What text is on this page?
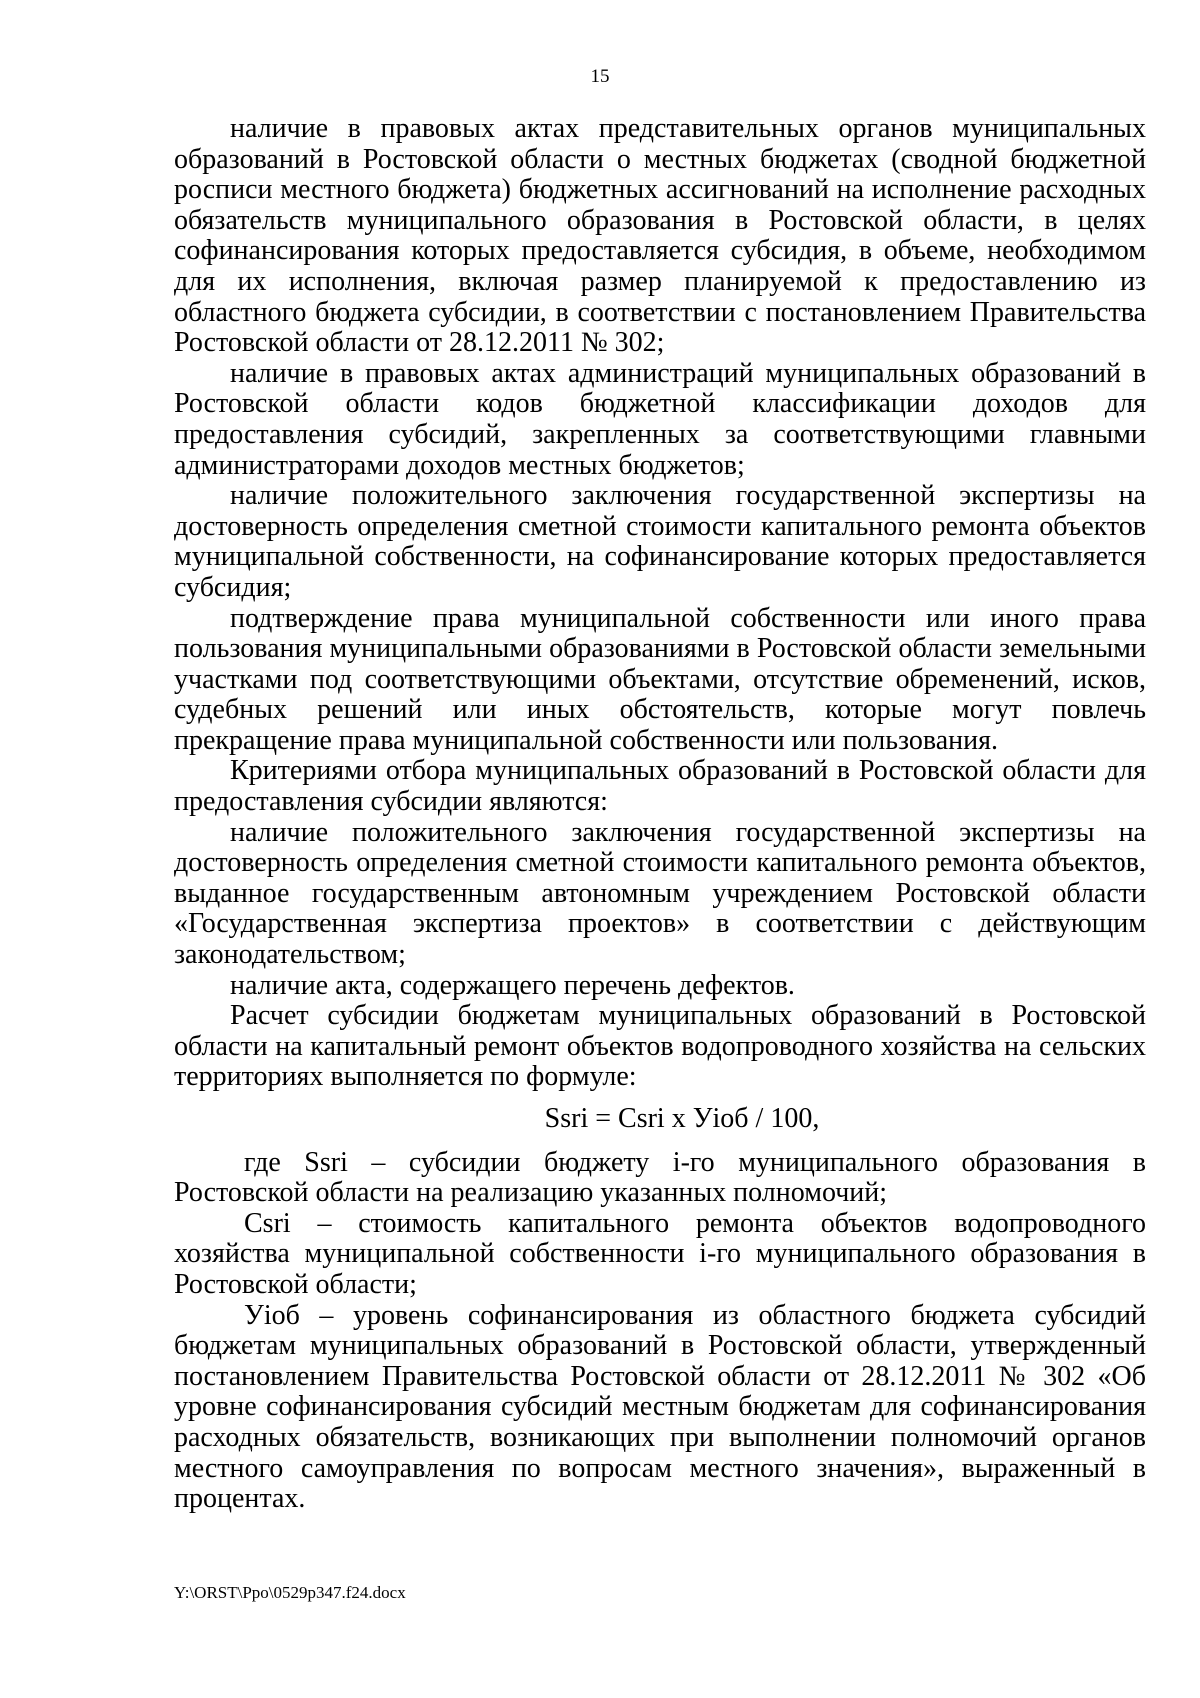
15

наличие в правовых актах представительных органов муниципальных образований в Ростовской области о местных бюджетах (сводной бюджетной росписи местного бюджета) бюджетных ассигнований на исполнение расходных обязательств муниципального образования в Ростовской области, в целях софинансирования которых предоставляется субсидия, в объеме, необходимом для их исполнения, включая размер планируемой к предоставлению из областного бюджета субсидии, в соответствии с постановлением Правительства Ростовской области от 28.12.2011 № 302;

наличие в правовых актах администраций муниципальных образований в Ростовской области кодов бюджетной классификации доходов для предоставления субсидий, закрепленных за соответствующими главными администраторами доходов местных бюджетов;

наличие положительного заключения государственной экспертизы на достоверность определения сметной стоимости капитального ремонта объектов муниципальной собственности, на софинансирование которых предоставляется субсидия;

подтверждение права муниципальной собственности или иного права пользования муниципальными образованиями в Ростовской области земельными участками под соответствующими объектами, отсутствие обременений, исков, судебных решений или иных обстоятельств, которые могут повлечь прекращение права муниципальной собственности или пользования.

Критериями отбора муниципальных образований в Ростовской области для предоставления субсидии являются:

наличие положительного заключения государственной экспертизы на достоверность определения сметной стоимости капитального ремонта объектов, выданное государственным автономным учреждением Ростовской области «Государственная экспертиза проектов» в соответствии с действующим законодательством;

наличие акта, содержащего перечень дефектов.

Расчет субсидии бюджетам муниципальных образований в Ростовской области на капитальный ремонт объектов водопроводного хозяйства на сельских территориях выполняется по формуле:

Ssri = Csri х Уioб / 100,

где Ssri – субсидии бюджету i-го муниципального образования в Ростовской области на реализацию указанных полномочий;

Csri – стоимость капитального ремонта объектов водопроводного хозяйства муниципальной собственности i-го муниципального образования в Ростовской области;

Уioб – уровень софинансирования из областного бюджета субсидий бюджетам муниципальных образований в Ростовской области, утвержденный постановлением Правительства Ростовской области от 28.12.2011 № 302 «Об уровне софинансирования субсидий местным бюджетам для софинансирования расходных обязательств, возникающих при выполнении полномочий органов местного самоуправления по вопросам местного значения», выраженный в процентах.

Y:\ORST\Ppo\0529p347.f24.docx
